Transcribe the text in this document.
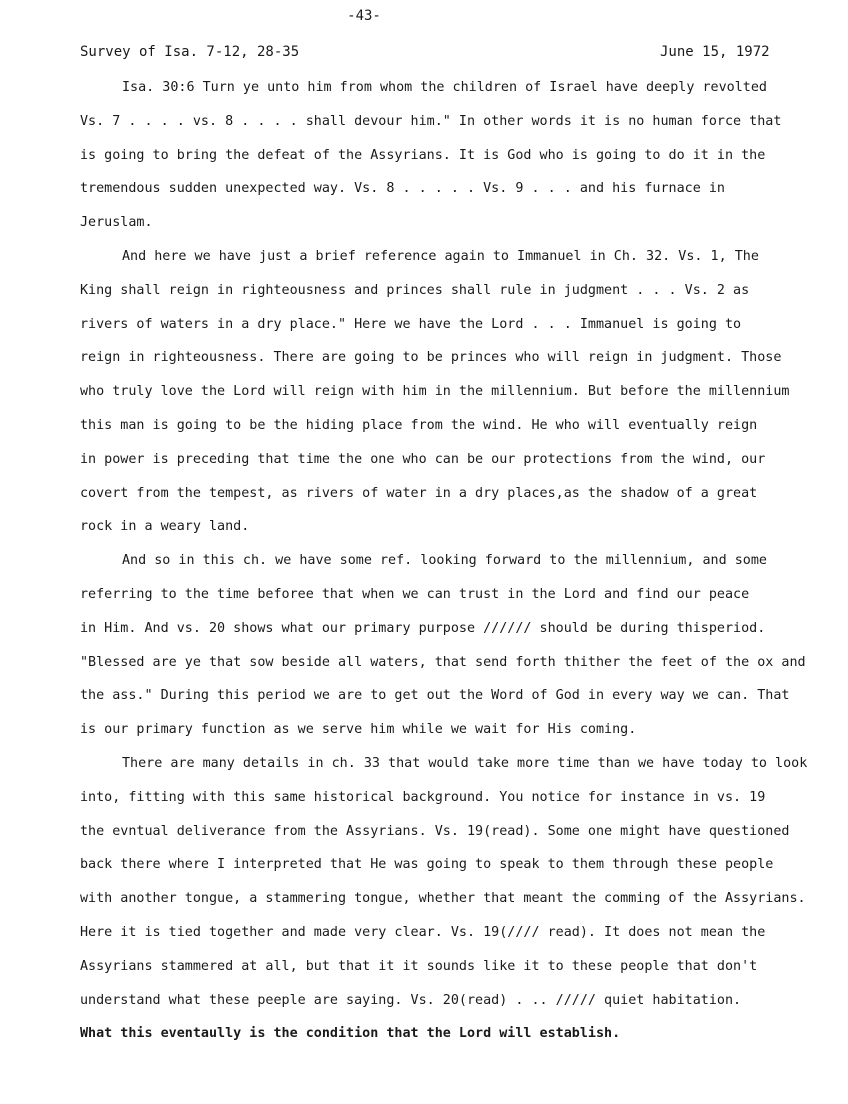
-43-
Survey of Isa. 7-12, 28-35	June 15, 1972
Isa. 30:6 Turn ye unto him from whom the children of Israel have deeply revolted
Vs. 7 . . . . vs. 8 . . . . shall devour him." In other words it is no human force that
is going to bring the defeat of the Assyrians. It is God who is going to do it in the
tremendous sudden unexpected way. Vs. 8 . . . . . Vs. 9 . . . and his furnace in
Jeruslam.
And here we have just a brief reference again to Immanuel in Ch. 32. Vs. 1, The
King shall reign in righteousness and princes shall rule in judgment . . . Vs. 2 as
rivers of waters in a dry place." Here we have the Lord . . . Immanuel is going to
reign in righteousness. There are going to be princes who will reign in judgment. Those
who truly love the Lord will reign with him in the millennium. But before the millennium
this man is going to be the hiding place from the wind. He who will eventually reign
in power is preceding that time the one who can be our protections from the wind, our
covert from the tempest, as rivers of water in a dry places,as the shadow of a great
rock in a weary land.
And so in this ch. we have some ref. looking forward to the millennium, and some
referring to the time beforee that when we can trust in the Lord and find our peace
in Him. And vs. 20 shows what our primary purpose ////// should be during thisperiod.
"Blessed are ye that sow beside all waters, that send forth thither the feet of the ox and
the ass." During this period we are to get out the Word of God in every way we can. That
is our primary function as we serve him while we wait for His coming.
There are many details in ch. 33 that would take more time than we have today to look
into, fitting with this same historical background. You notice for instance in vs. 19
the evntual deliverance from the Assyrians. Vs. 19(read). Some one might have questioned
back there where I interpreted that He was going to speak to them through these people
with another tongue, a stammering tongue, whether that meant the comming of the Assyrians.
Here it is tied together and made very clear. Vs. 19(//// read). It does not mean the
Assyrians stammered at all, but that it it sounds like it to these people that don't
understand what these peeple are saying. Vs. 20(read) . .. ///// quiet habitation.
What this eventaully is the condition that the Lord will establish.
